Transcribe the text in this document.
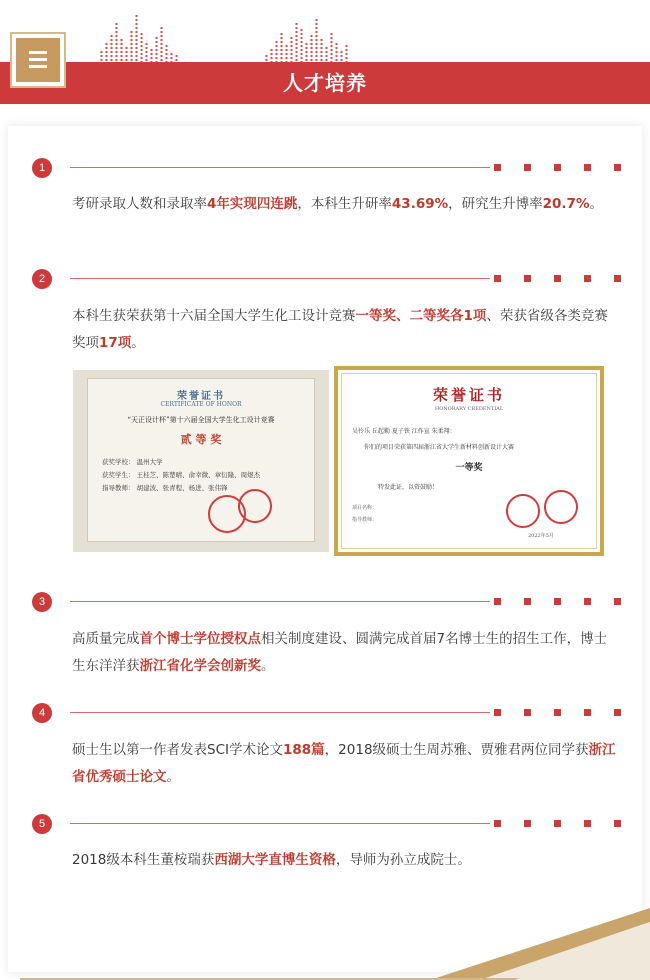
人才培养
1
考研录取人数和录取率4年实现四连跳，本科生升研率43.69%，研究生升博率20.7%。
2
本科生获荣获第十六届全国大学生化工设计竞赛一等奖、二等奖各1项、荣获省级各类竞赛奖项17项。
荣誉证书
CERTIFICATE OF HONOR
“天正设计杯”第十六届全国大学生化工设计竞赛
贰 等 奖
获奖学校： 温州大学
获奖学生： 王桂芝、陈楚晴、俞幸微、章衍隆、周煜杰
指导教师： 胡建波、张青程、杨进、张伟锋
荣誉证书
HONORARY CREDENTIAL
吴伶乐 丘起勤 夏子铁 江作宣 朱柔翔：
你们的项目荣获第四届浙江省大学生新材料创新设计大赛
一等奖
特发此证，以资鼓励！
项目名称：
指导教师：
2022年5月
3
高质量完成首个博士学位授权点相关制度建设、圆满完成首届7名博士生的招生工作，博士生东洋洋获浙江省化学会创新奖。
4
硕士生以第一作者发表SCI学术论文188篇，2018级硕士生周苏雅、贾雅君两位同学获浙江省优秀硕士论文。
5
2018级本科生董桉瑞获西湖大学直博生资格，导师为孙立成院士。
